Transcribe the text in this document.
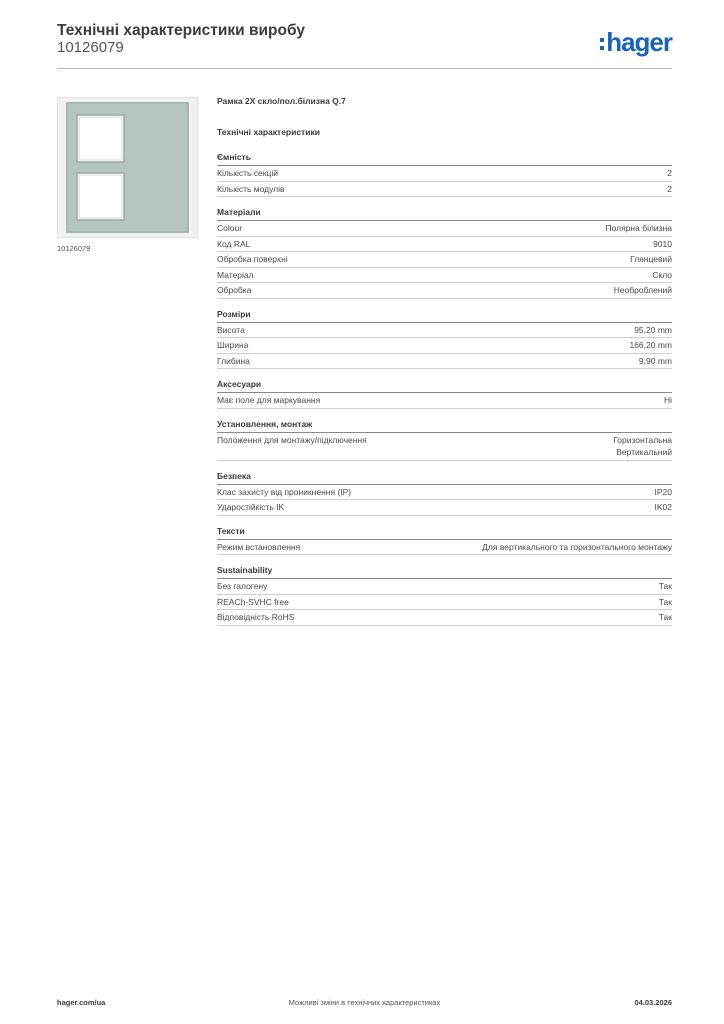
Технічні характеристики виробу
10126079	hager
10126079
Рамка 2X скло/пол.білизна Q.7
Технічні характеристики
Ємність
Кількість секцій	2
Кількість модулів	2
Матеріали
Colour	Полярна білизна
Код RAL	9010
Обробка поверхні	Глянцевий
Матеріал	Скло
Обробка	Необроблений
Розміри
Висота	95,20 mm
Ширина	166,20 mm
Глибина	9,90 mm
Аксесуари
Має поле для маркування	Ні
Установлення, монтаж
Положення для монтажу/підключення	Горизонтальна
Вертикальний
Безпека
Клас захисту від проникнення (IP)	IP20
Ударостійкість IK	IK02
Тексти
Режим встановлення	Для вертикального та горизонтального монтажу
Sustainability
Без галогену	Так
REACh-SVHC free	Так
Відповідність RoHS	Так
hager.com/ua	Можливі зміни в технічних характеристиках	04.03.2026
